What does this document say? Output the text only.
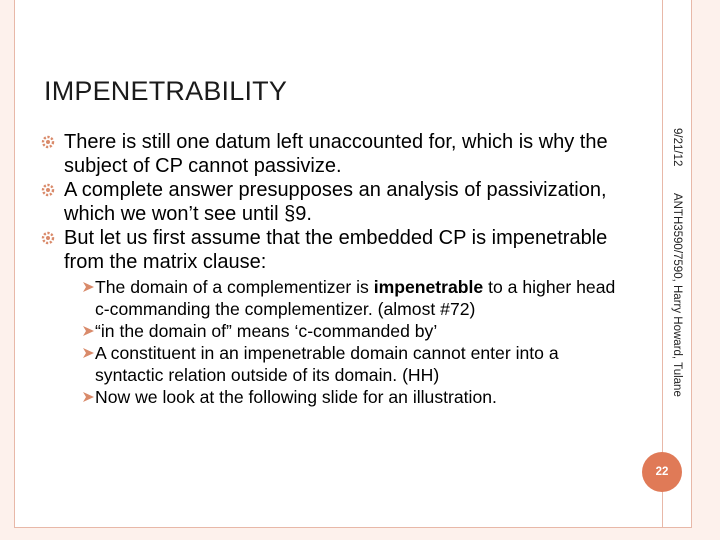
IMPENETRABILITY
There is still one datum left unaccounted for, which is why the subject of CP cannot passivize.
A complete answer presupposes an analysis of passivization, which we won’t see until §9.
But let us first assume that the embedded CP is impenetrable from the matrix clause:
The domain of a complementizer is impenetrable to a higher head c-commanding the complementizer. (almost #72)
“in the domain of” means ‘c-commanded by’
A constituent in an impenetrable domain cannot enter into a syntactic relation outside of its domain. (HH)
Now we look at the following slide for an illustration.
9/21/12 ANTH3590/7590, Harry Howard, Tulane
22
